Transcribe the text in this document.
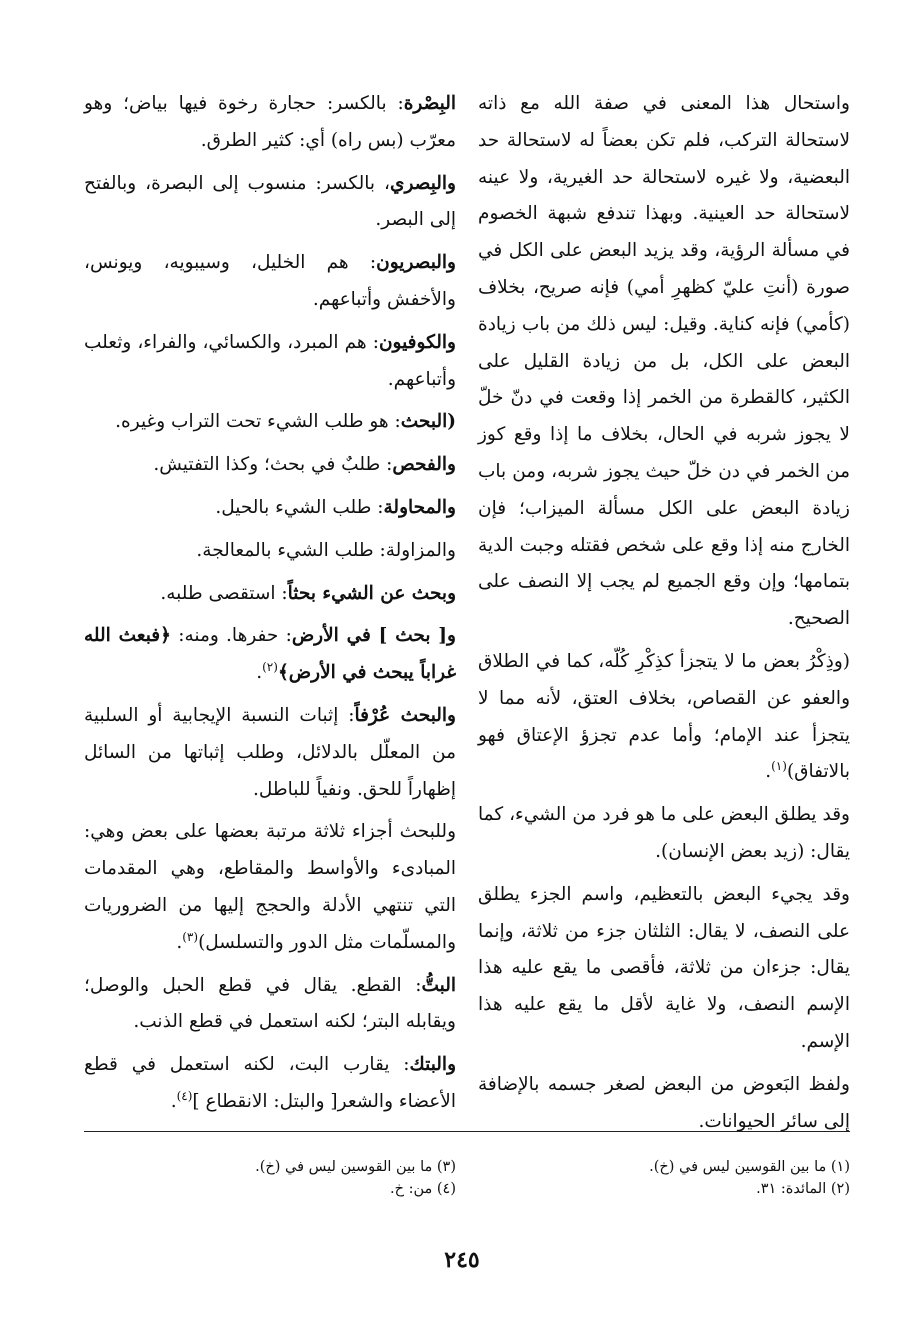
واستحال هذا المعنى في صفة الله مع ذاته لاستحالة التركب، فلم تكن بعضاً له لاستحالة حد البعضية، ولا غيره لاستحالة حد الغيرية، ولا عينه لاستحالة حد العينية. وبهذا تندفع شبهة الخصوم في مسألة الرؤية، وقد يزيد البعض على الكل في صورة (أنتِ عليّ كظهرِ أمي) فإنه صريح، بخلاف (كأمي) فإنه كناية. وقيل: ليس ذلك من باب زيادة البعض على الكل، بل من زيادة القليل على الكثير، كالقطرة من الخمر إذا وقعت في دنّ خلّ لا يجوز شربه في الحال، بخلاف ما إذا وقع كوز من الخمر في دن خلّ حيث يجوز شربه، ومن باب زيادة البعض على الكل مسألة الميزاب؛ فإن الخارج منه إذا وقع على شخص فقتله وجبت الدية بتمامها؛ وإن وقع الجميع لم يجب إلا النصف على الصحيح.

(وذِكْرُ بعض ما لا يتجزأ كذِكْرِ كُلّه، كما في الطلاق والعفو عن القصاص، بخلاف العتق، لأنه مما لا يتجزأ عند الإمام؛ وأما عدم تجزؤ الإعتاق فهو بالاتفاق)$^{(١)}$.

وقد يطلق البعض على ما هو فرد من الشيء، كما يقال: (زيد بعض الإنسان).

وقد يجيء البعض بالتعظيم، واسم الجزء يطلق على النصف، لا يقال: الثلثان جزء من ثلاثة، وإنما يقال: جزءان من ثلاثة، فأقصى ما يقع عليه هذا الإسم النصف، ولا غاية لأقل ما يقع عليه هذا الإسم.

ولفظ البَعوض من البعض لصغر جسمه بالإضافة إلى سائر الحيوانات.

البِصْرة: بالكسر: حجارة رخوة فيها بياض؛ وهو معرّب (بس راه) أي: كثير الطرق.

والبِصري، بالكسر: منسوب إلى البصرة، وبالفتح إلى البصر.

والبصريون: هم الخليل، وسيبويه، ويونس، والأخفش وأتباعهم.

والكوفيون: هم المبرد، والكسائي، والفراء، وثعلب وأتباعهم.

(البحث: هو طلب الشيء تحت التراب وغيره.

والفحص: طلبٌ في بحث؛ وكذا التفتيش.

والمحاولة: طلب الشيء بالحيل.

والمزاولة: طلب الشيء بالمعالجة.

وبحث عن الشيء بحثاً: استقصى طلبه.

و[ بحث ] في الأرض: حفرها. ومنه: ﴿فبعث الله غراباً يبحث في الأرض﴾$^{(٢)}$.

والبحث عُرْفاً: إثبات النسبة الإيجابية أو السلبية من المعلّل بالدلائل، وطلب إثباتها من السائل إظهاراً للحق. ونفياً للباطل.

وللبحث أجزاء ثلاثة مرتبة بعضها على بعض وهي: المبادىء والأواسط والمقاطع، وهي المقدمات التي تنتهي الأدلة والحجج إليها من الضروريات والمسلّمات مثل الدور والتسلسل)$^{(٣)}$.

البتُّ: القطع. يقال في قطع الحبل والوصل؛ ويقابله البتر؛ لكنه استعمل في قطع الذنب.

والبتك: يقارب البت، لكنه استعمل في قطع الأعضاء والشعر[ والبتل: الانقطاع ]$^{(٤)}$.

(١) ما بين القوسين ليس في (خ).
(٢) المائدة: ٣١.
(٣) ما بين القوسين ليس في (خ).
(٤) من: خ.
٢٤٥
